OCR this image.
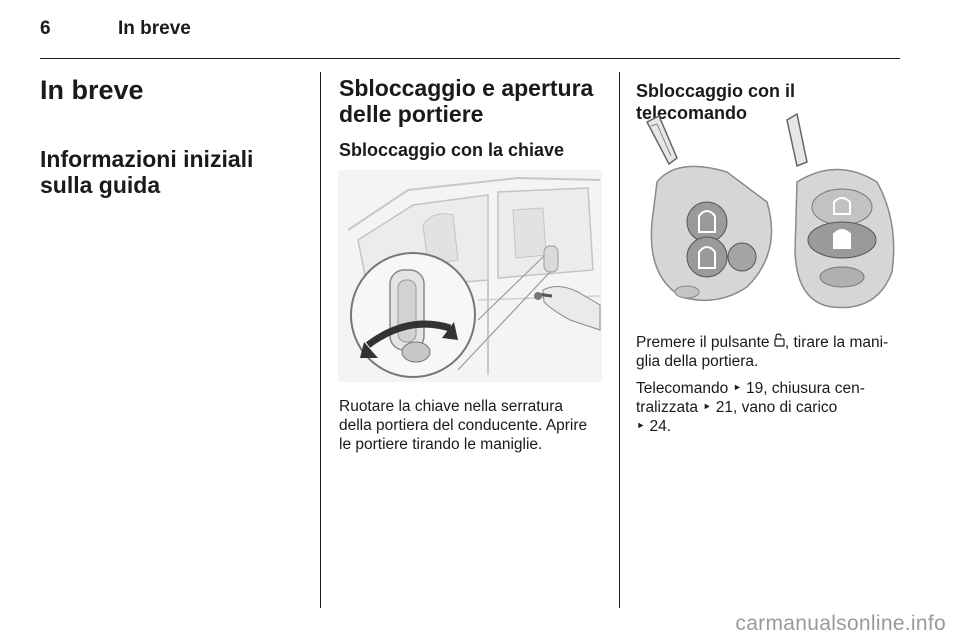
6	In breve
In breve
Informazioni iniziali
sulla guida
Sbloccaggio e apertura
delle portiere
Sbloccaggio con la chiave

Ruotare la chiave nella serratura

della portiera del conducente. Aprire

le portiere tirando le maniglie.

Sbloccaggio con il telecomando

Premere il pulsante , tirare la mani-

glia della portiera.

Telecomando ‣ 19, chiusura cen-

tralizzata ‣ 21, vano di carico

‣ 24.

carmanualsonline.info
